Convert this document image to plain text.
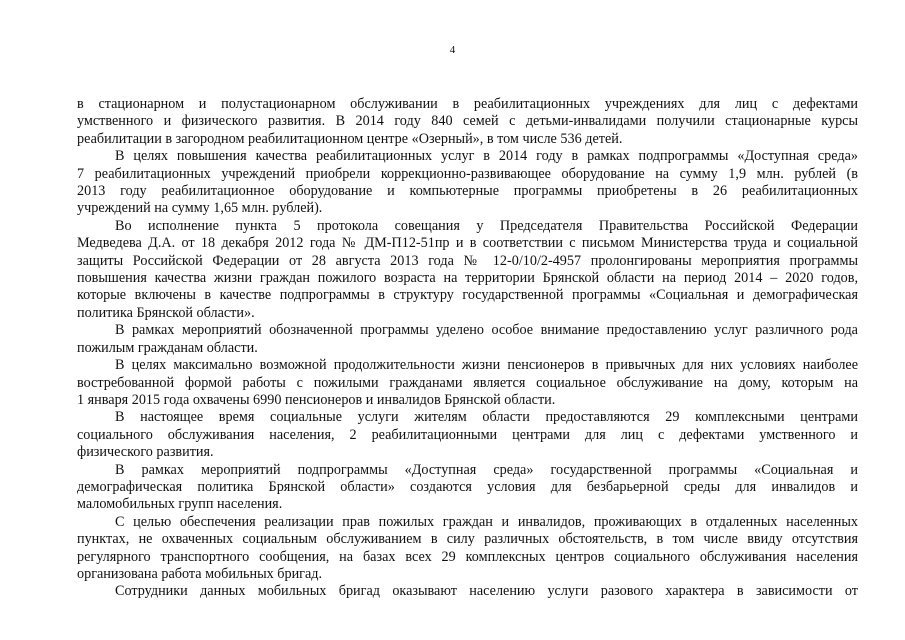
4

в стационарном и полустационарном обслуживании в реабилитационных учреждениях для лиц с дефектами
умственного и физического развития. В 2014 году 840 семей с детьми-инвалидами получили стационарные курсы
реабилитации в загородном реабилитационном центре «Озерный», в том числе 536 детей.

В целях повышения качества реабилитационных услуг в 2014 году в рамках подпрограммы «Доступная среда»
7 реабилитационных учреждений приобрели коррекционно-развивающее оборудование на сумму 1,9 млн. рублей (в
2013 году реабилитационное оборудование и компьютерные программы приобретены в 26 реабилитационных
учреждений на сумму 1,65 млн. рублей).

Во исполнение пункта 5 протокола совещания у Председателя Правительства Российской Федерации
Медведева Д.А. от 18 декабря 2012 года № ДМ-П12-51пр и в соответствии с письмом Министерства труда и социальной
защиты Российской Федерации от 28 августа 2013 года № 12-0/10/2-4957 пролонгированы мероприятия программы
повышения качества жизни граждан пожилого возраста на территории Брянской области на период 2014 – 2020 годов,
которые включены в качестве подпрограммы в структуру государственной программы «Социальная и демографическая
политика Брянской области».

В рамках мероприятий обозначенной программы уделено особое внимание предоставлению услуг различного рода
пожилым гражданам области.

В целях максимально возможной продолжительности жизни пенсионеров в привычных для них условиях наиболее
востребованной формой работы с пожилыми гражданами является социальное обслуживание на дому, которым на
1 января 2015 года охвачены 6990 пенсионеров и инвалидов Брянской области.

В настоящее время социальные услуги жителям области предоставляются 29 комплексными центрами
социального обслуживания населения, 2 реабилитационными центрами для лиц с дефектами умственного и
физического развития.

В рамках мероприятий подпрограммы «Доступная среда» государственной программы «Социальная и
демографическая политика Брянской области» создаются условия для безбарьерной среды для инвалидов и
маломобильных групп населения.

С целью обеспечения реализации прав пожилых граждан и инвалидов, проживающих в отдаленных населенных
пунктах, не охваченных социальным обслуживанием в силу различных обстоятельств, в том числе ввиду отсутствия
регулярного транспортного сообщения, на базах всех 29 комплексных центров социального обслуживания населения
организована работа мобильных бригад.

Сотрудники данных мобильных бригад оказывают населению услуги разового характера в зависимости от
